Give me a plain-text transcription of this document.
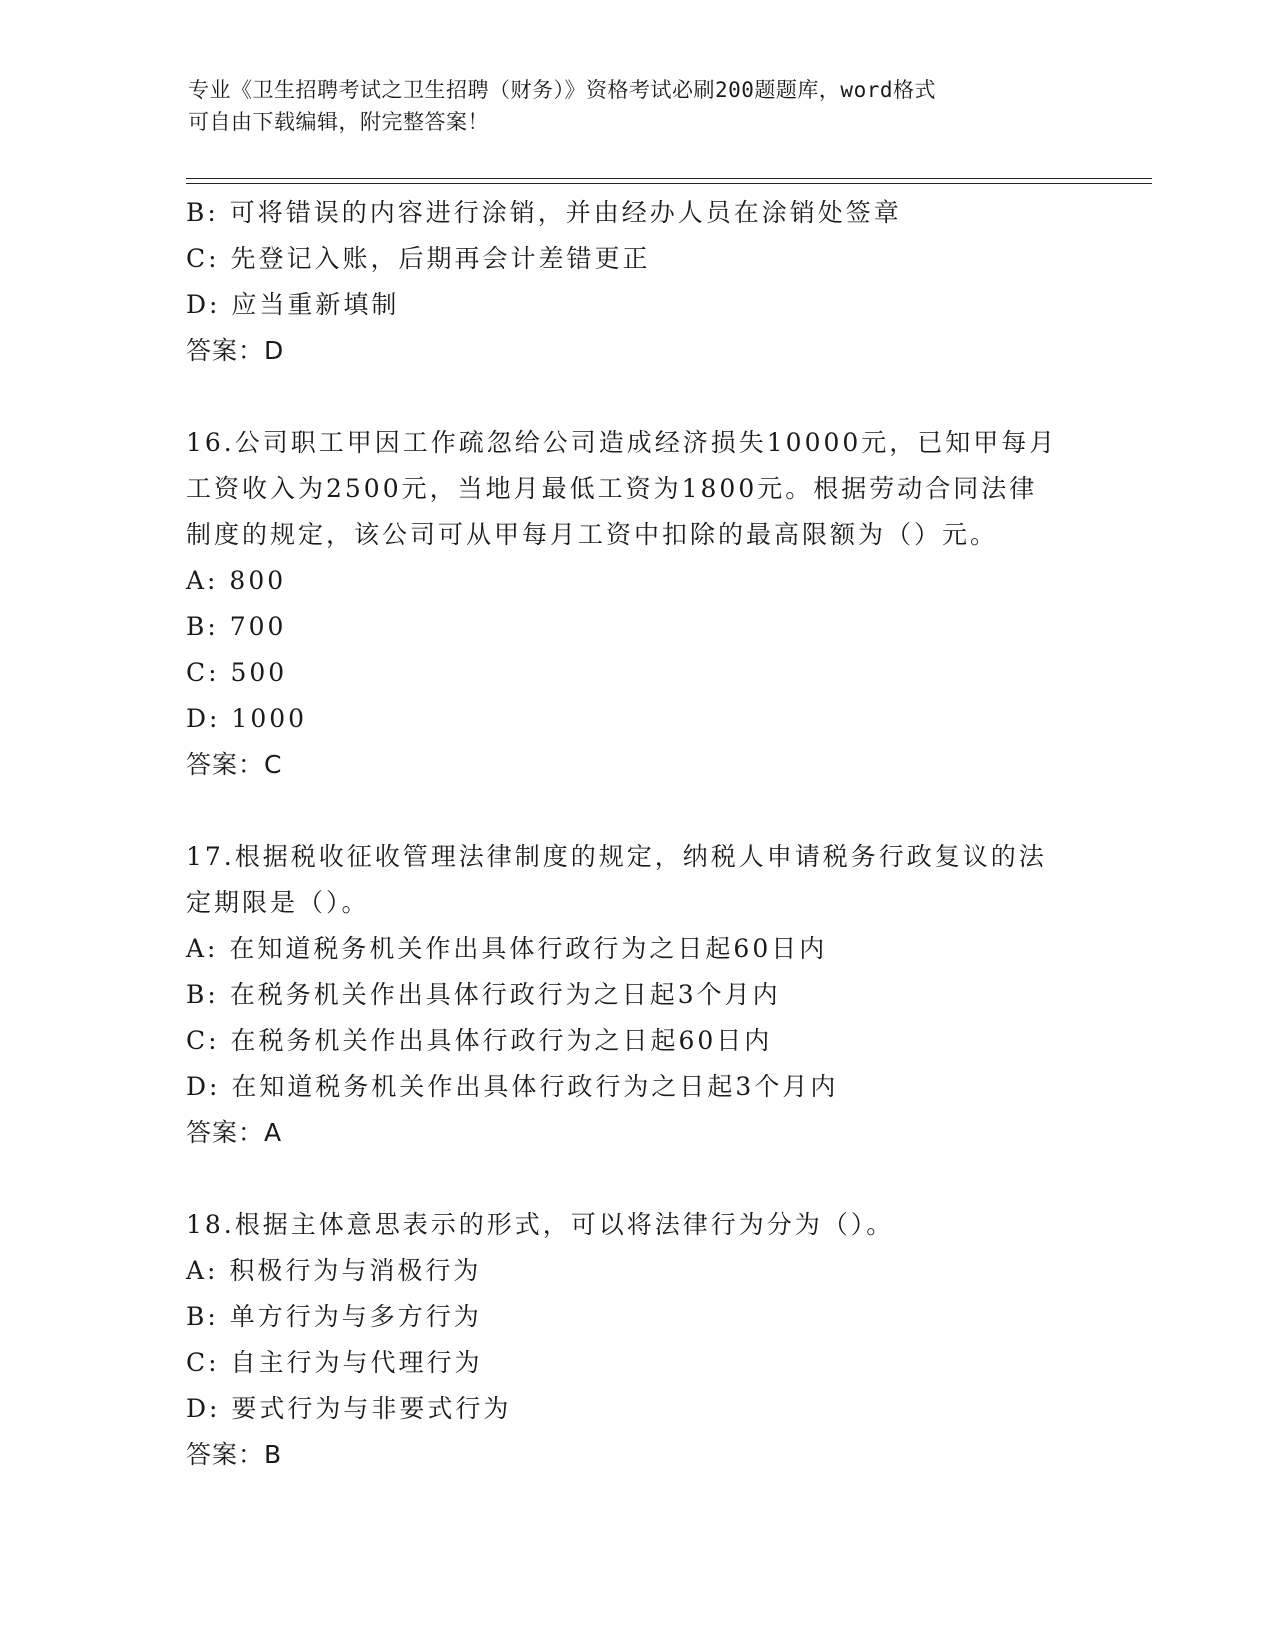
专业《卫生招聘考试之卫生招聘（财务）》资格考试必刷200题题库，word格式
可自由下载编辑，附完整答案！
B: 可将错误的内容进行涂销，并由经办人员在涂销处签章
C: 先登记入账，后期再会计差错更正
D: 应当重新填制
答案：D
16.公司职工甲因工作疏忽给公司造成经济损失10000元，已知甲每月
工资收入为2500元，当地月最低工资为1800元。根据劳动合同法律
制度的规定，该公司可从甲每月工资中扣除的最高限额为（）元。
A: 800
B: 700
C: 500
D: 1000
答案：C
17.根据税收征收管理法律制度的规定，纳税人申请税务行政复议的法
定期限是（）。
A: 在知道税务机关作出具体行政行为之日起60日内
B: 在税务机关作出具体行政行为之日起3个月内
C: 在税务机关作出具体行政行为之日起60日内
D: 在知道税务机关作出具体行政行为之日起3个月内
答案：A
18.根据主体意思表示的形式，可以将法律行为分为（）。
A: 积极行为与消极行为
B: 单方行为与多方行为
C: 自主行为与代理行为
D: 要式行为与非要式行为
答案：B
